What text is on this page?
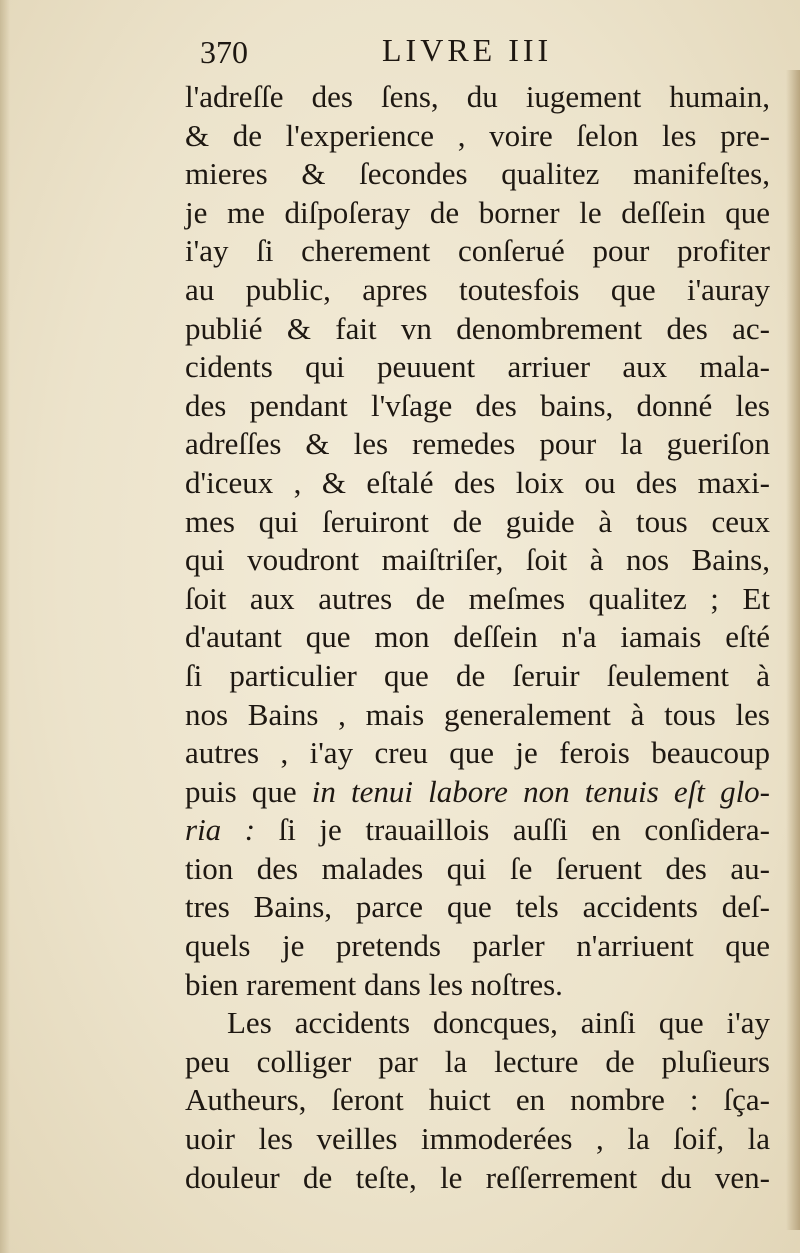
370	LIVRE III
l'adreſſe des ſens, du iugement humain,
& de l'experience , voire ſelon les pre-
mieres & ſecondes qualitez manifeſtes,
je me diſpoſeray de borner le deſſein que
i'ay ſi cherement conſerué pour profiter
au public, apres toutesfois que i'auray
publié & fait vn denombrement des ac-
cidents qui peuuent arriuer aux mala-
des pendant l'vſage des bains, donné les
adreſſes & les remedes pour la gueriſon
d'iceux , & eſtalé des loix ou des maxi-
mes qui ſeruiront de guide à tous ceux
qui voudront maiſtriſer, ſoit à nos Bains,
ſoit aux autres de meſmes qualitez ; Et
d'autant que mon deſſein n'a iamais eſté
ſi particulier que de ſeruir ſeulement à
nos Bains , mais generalement à tous les
autres , i'ay creu que je ferois beaucoup
puis que in tenui labore non tenuis eſt glo-
ria : ſi je trauaillois auſſi en conſidera-
tion des malades qui ſe ſeruent des au-
tres Bains, parce que tels accidents deſ-
quels je pretends parler n'arriuent que
bien rarement dans les noſtres.
Les accidents doncques, ainſi que i'ay
peu colliger par la lecture de pluſieurs
Autheurs, ſeront huict en nombre : ſça-
uoir les veilles immoderées , la ſoif, la
douleur de teſte, le reſſerrement du ven-
